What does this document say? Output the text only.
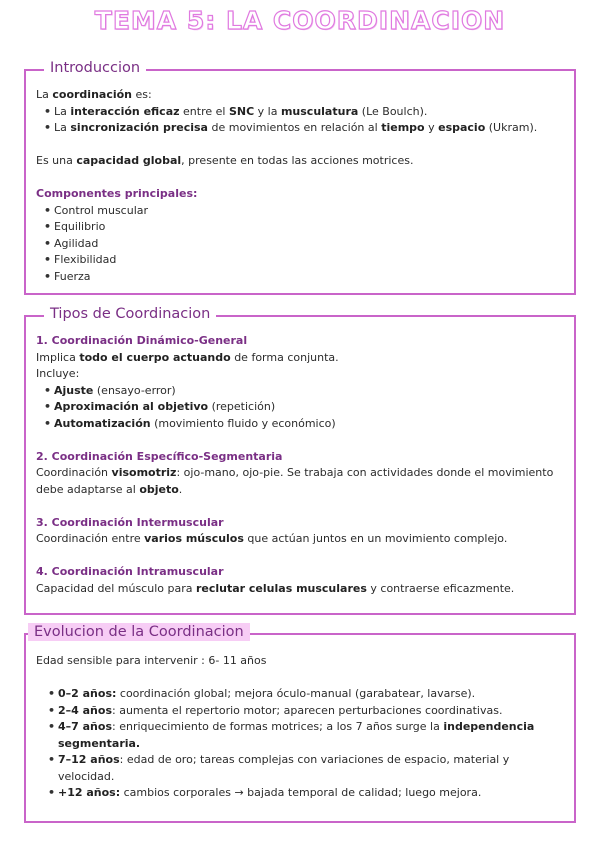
TEMA 5: LA COORDINACION
Introduccion
La coordinación es:
• La interacción eficaz entre el SNC y la musculatura (Le Boulch).
• La sincronización precisa de movimientos en relación al tiempo y espacio (Ukram).
Es una capacidad global, presente en todas las acciones motrices.
Componentes principales:
• Control muscular
• Equilibrio
• Agilidad
• Flexibilidad
• Fuerza
Tipos de Coordinacion
1. Coordinación Dinámico-General
Implica todo el cuerpo actuando de forma conjunta.
Incluye:
• Ajuste (ensayo-error)
• Aproximación al objetivo (repetición)
• Automatización (movimiento fluido y económico)
2. Coordinación Específico-Segmentaria
Coordinación visomotriz: ojo-mano, ojo-pie. Se trabaja con actividades donde el movimiento debe adaptarse al objeto.
3. Coordinación Intermuscular
Coordinación entre varios músculos que actúan juntos en un movimiento complejo.
4. Coordinación Intramuscular
Capacidad del músculo para reclutar celulas musculares y contraerse eficazmente.
Evolucion de la Coordinacion
Edad sensible para intervenir : 6- 11 años
• 0–2 años: coordinación global; mejora óculo-manual (garabatear, lavarse).
• 2–4 años: aumenta el repertorio motor; aparecen perturbaciones coordinativas.
• 4–7 años: enriquecimiento de formas motrices; a los 7 años surge la independencia segmentaria.
• 7–12 años: edad de oro; tareas complejas con variaciones de espacio, material y velocidad.
• +12 años: cambios corporales → bajada temporal de calidad; luego mejora.
